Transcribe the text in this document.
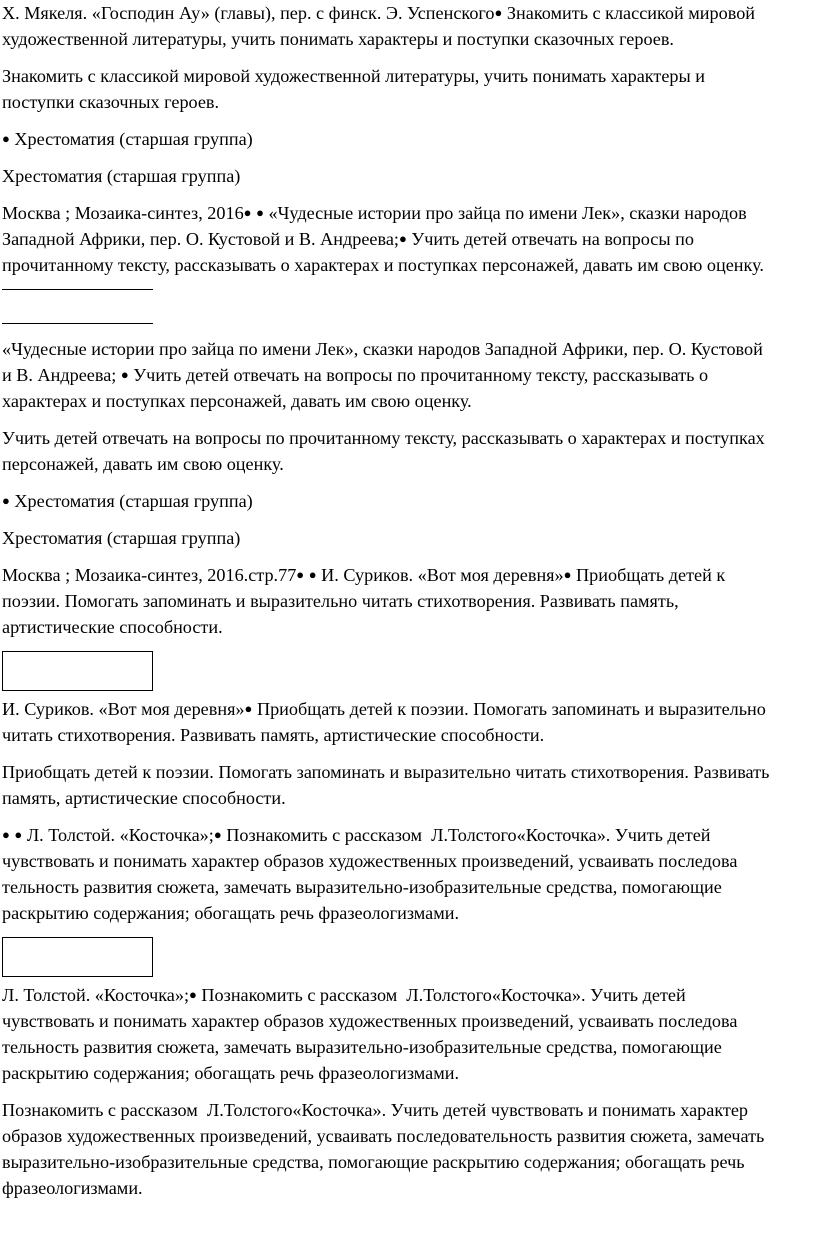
Х. Мякеля. «Господин Ау» (главы), пер. с финск. Э. Успенского● Знакомить с классикой мировой
художественной литературы, учить понимать характеры и поступки сказочных героев.

Знакомить с классикой мировой художественной литературы, учить понимать характеры и
поступки сказочных героев.

● Хрестоматия (старшая группа)

Хрестоматия (старшая группа)

Москва ; Мозаика-синтез, 2016● ● «Чудесные истории про зайца по имени Лек», сказки народов
Западной Африки, пер. О. Кустовой и В. Андреева;● Учить детей отвечать на вопросы по
прочитанному тексту, рассказывать о характерах и поступках персонажей, давать им свою оценку.

«Чудесные истории про зайца по имени Лек», сказки народов Западной Африки, пер. О. Кустовой
и В. Андреева; ● Учить детей отвечать на вопросы по прочитанному тексту, рассказывать о
характерах и поступках персонажей, давать им свою оценку.

Учить детей отвечать на вопросы по прочитанному тексту, рассказывать о характерах и поступках
персонажей, давать им свою оценку.

● Хрестоматия (старшая группа)

Хрестоматия (старшая группа)

Москва ; Мозаика-синтез, 2016.стр.77● ● И. Суриков. «Вот моя деревня»● Приобщать детей к
поэзии. Помогать запоминать и выразительно читать стихотворения. Развивать память,
артистические способности.

И. Суриков. «Вот моя деревня»● Приобщать детей к поэзии. Помогать запоминать и выразительно
читать стихотворения. Развивать память, артистические способности.

Приобщать детей к поэзии. Помогать запоминать и выразительно читать стихотворения. Развивать
память, артистические способности.

● ● Л. Толстой. «Косточка»;● Познакомить с рассказом  Л.Толстого«Косточка». Учить детей
чувствовать и понимать характер образов художественных произведений, усваивать последова
тельность развития сюжета, замечать выразительно-изобразительные средства, помогающие
раскрытию содержания; обогащать речь фразеологизмами.

Л. Толстой. «Косточка»;● Познакомить с рассказом  Л.Толстого«Косточка». Учить детей
чувствовать и понимать характер образов художественных произведений, усваивать последова
тельность развития сюжета, замечать выразительно-изобразительные средства, помогающие
раскрытию содержания; обогащать речь фразеологизмами.

Познакомить с рассказом  Л.Толстого«Косточка». Учить детей чувствовать и понимать характер
образов художественных произведений, усваивать последовательность развития сюжета, замечать
выразительно-изобразительные средства, помогающие раскрытию содержания; обогащать речь
фразеологизмами.
